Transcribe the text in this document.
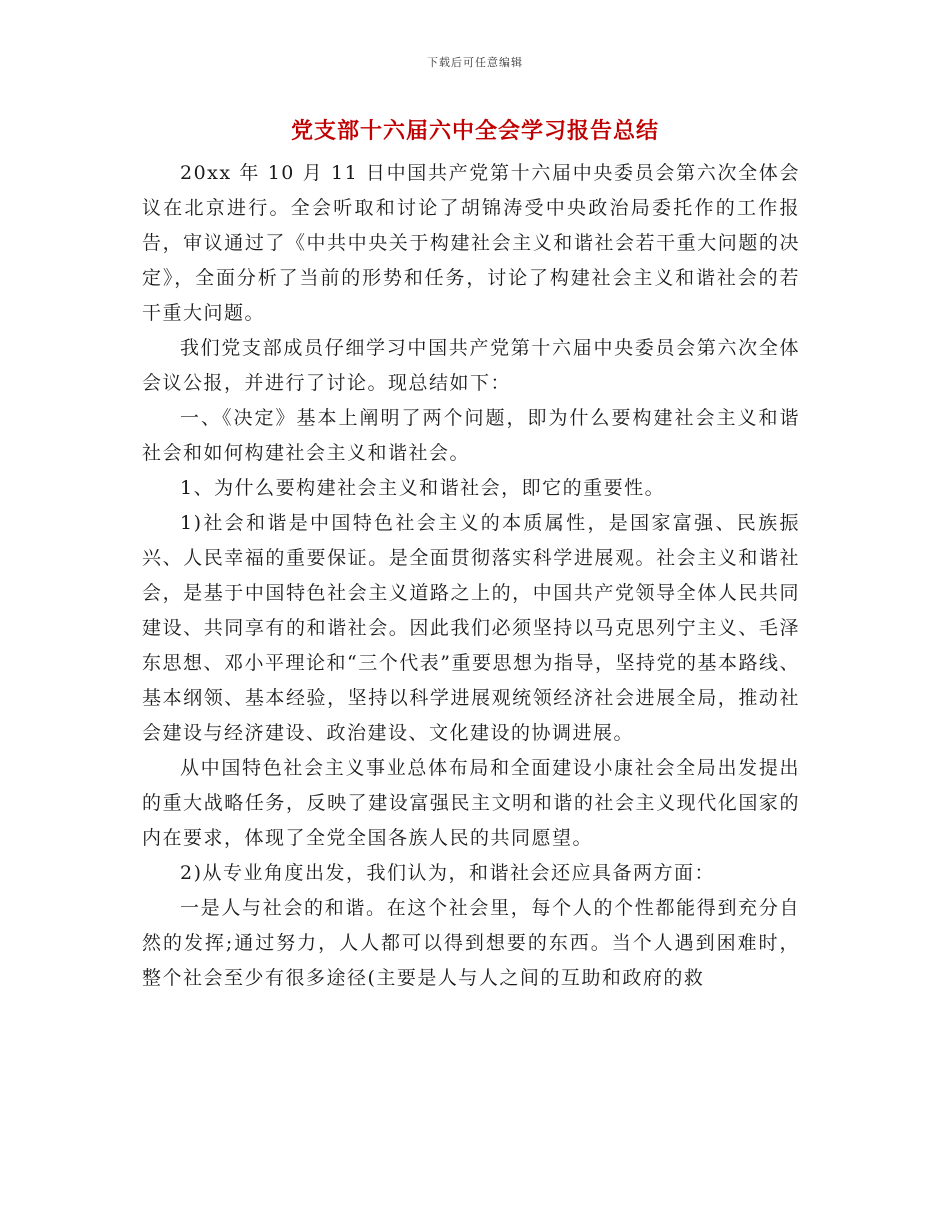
下载后可任意编辑
党支部十六届六中全会学习报告总结

20xx 年 10 月 11 日中国共产党第十六届中央委员会第六次全体会议在北京进行。全会听取和讨论了胡锦涛受中央政治局委托作的工作报告，审议通过了《中共中央关于构建社会主义和谐社会若干重大问题的决定》，全面分析了当前的形势和任务，讨论了构建社会主义和谐社会的若干重大问题。

我们党支部成员仔细学习中国共产党第十六届中央委员会第六次全体会议公报，并进行了讨论。现总结如下：

一、《决定》基本上阐明了两个问题，即为什么要构建社会主义和谐社会和如何构建社会主义和谐社会。

1、为什么要构建社会主义和谐社会，即它的重要性。

1)社会和谐是中国特色社会主义的本质属性，是国家富强、民族振兴、人民幸福的重要保证。是全面贯彻落实科学进展观。社会主义和谐社会，是基于中国特色社会主义道路之上的，中国共产党领导全体人民共同建设、共同享有的和谐社会。因此我们必须坚持以马克思列宁主义、毛泽东思想、邓小平理论和“三个代表”重要思想为指导，坚持党的基本路线、基本纲领、基本经验，坚持以科学进展观统领经济社会进展全局，推动社会建设与经济建设、政治建设、文化建设的协调进展。

从中国特色社会主义事业总体布局和全面建设小康社会全局出发提出的重大战略任务，反映了建设富强民主文明和谐的社会主义现代化国家的内在要求，体现了全党全国各族人民的共同愿望。

2)从专业角度出发，我们认为，和谐社会还应具备两方面：

一是人与社会的和谐。在这个社会里，每个人的个性都能得到充分自然的发挥;通过努力，人人都可以得到想要的东西。当个人遇到困难时，整个社会至少有很多途径(主要是人与人之间的互助和政府的救
